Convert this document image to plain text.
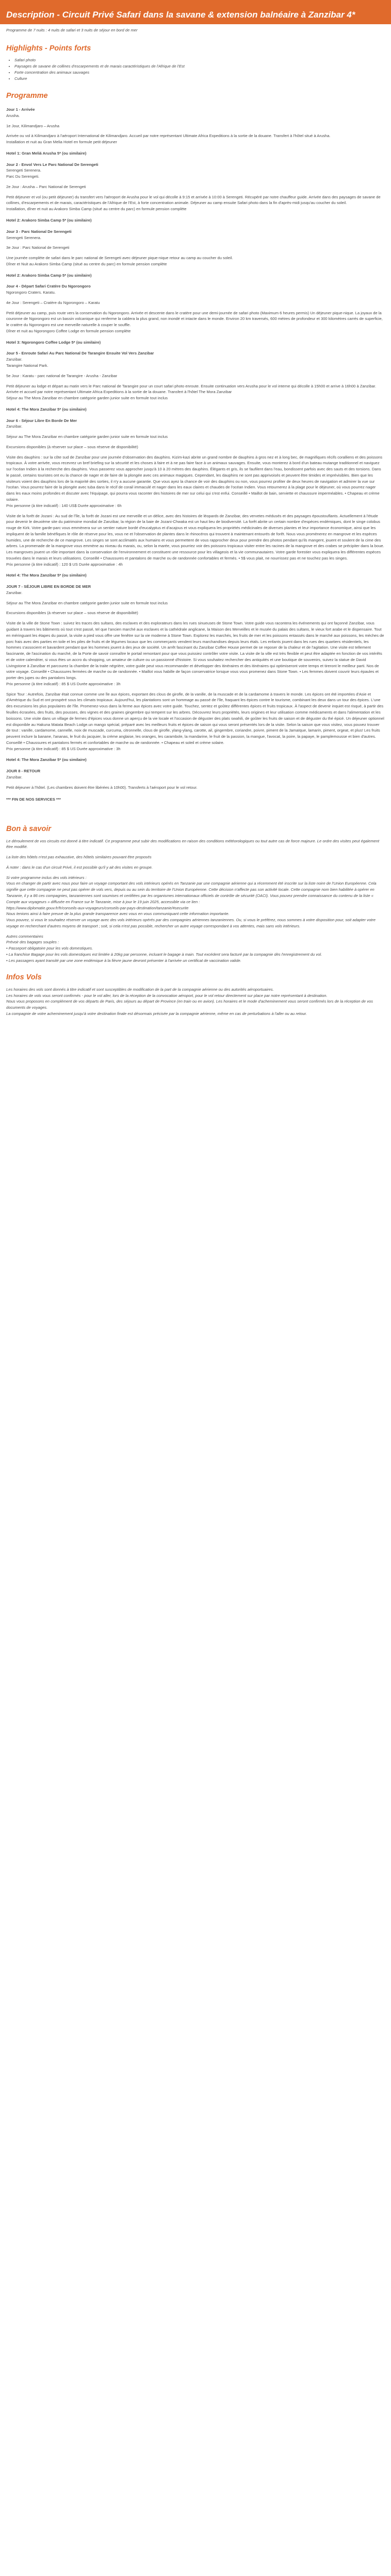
Description - Circuit Privé Safari dans la savane & extension balnéaire à Zanzibar 4*
Programme de 7 nuits : 4 nuits de safari et 3 nuits de séjour en bord de mer
Highlights - Points forts
• Safari photo
• Paysages de savane de collines d'escarpements et de marais caractéristiques de l'Afrique de l'Est
• Forte concentration des animaux sauvages
• Culture
Programme
Jour 1 - Arrivée
Arusha.
1e Jour, Kilimandjaro – Arusha
Arrivée ou vol à Kilimandjaro à l'aéroport International de Kilimandjaro. Accueil par notre représentant Ultimate Africa Expeditions à la sortie de la douane. Transfert à l'hôtel situé à Arusha.
Installation et nuit au Gran Melia Hotel en formule petit déjeuner
Hotel 1: Gran Meliá Arusha 5* (ou similaire)
Jour 2 - Envol Vers Le Parc National De Serengeti
Serengeti Serenera.
Parc Du Serengeti.
2e Jour : Arusha – Parc National de Serengeti
Petit déjeuner et vol (ou petit déjeuner) du transfert vers l'aéroport de Arusha pour le vol qui décolle à 9:15 et arrivée à 10:00 à Serengeti. Récupéré par notre chauffeur guide. Arrivée dans des paysages de savane de collines, d'escarpements et de marais, caractéristiques de l'Afrique de l'Est, à forte concentration animale. Déjeuner au camp ensuite Safari photo dans la fin d'après-midi jusqu'au coucher du soleil.
Installation, dîner et nuit au Arakoro Simba Camp (situé au centre du parc) en formule pension complète
Hotel 2: Arakoro Simba Camp 5* (ou similaire)
Jour 3 - Parc National De Serengeti
Serengeti Serenera.
3e Jour : Parc National de Serengeti
Une journée complète de safari dans le parc national de Serengeti avec déjeuner pique-nique retour au camp au coucher du soleil.
Dîner et Nuit au Arakoro Simba Camp (situé au centre du parc) en formule pension complète
Hotel 2: Arakoro Simba Camp 5* (ou similaire)
Jour 4 - Départ Safari Cratère Du Ngorongoro
Ngorongoro Craters. Karatu.
4e Jour : Serengeti – Cratère du Ngorongoro – Karatu
Petit déjeuner au camp, puis route vers la conservation du Ngorongoro. Arrivée et descente dans le cratère pour une demi-journée de safari photo (Maximum 6 heures permis) Un déjeuner pique-nique. La joyaux de la couronne de Ngorongoro est un bassin volcanique qui renferme la caldera la plus grand, non inondé et intacte dans le monde. Environ 20 km traversés, 600 mètres de profondeur et 300 kilomètres carrés de superficie, le cratère du Ngorongoro est une merveille naturelle à couper le souffle.
Dîner et nuit au Ngorongoro Coffee Lodge en formule pension complète
Hotel 3: Ngorongoro Coffee Lodge 5* (ou similaire)
Jour 5 - Enroute Safari Au Parc National De Tarangire Ensuite Vol Vers Zanzibar
Zanzibar.
Tarangire National Park.
5e Jour : Karatu - parc national de Tarangire - Arusha - Zanzibar
Petit déjeuner au lodge et départ au matin vers le Parc national de Tarangire pour un court safari photo enroute. Ensuite continuation vers Arusha pour le vol interne qui décolle à 15h00 et arrive à 16h00 à Zanzibar. Arrivée et accueil par notre représentant Ultimate Africa Expeditions à la sortie de la douane. Transfert à l'hôtel The Mora Zanzibar
Séjour au The Mora Zanzibar en chambre catégorie garden junior suite en formule tout inclus
Hotel 4: The Mora Zanzibar 5* (ou similaire)
Jour 6 - Séjour Libre En Borde De Mer
Zanzibar.
Séjour au The Mora Zanzibar en chambre catégorie garden junior suite en formule tout inclus
Excursions disponibles (à réserver sur place – sous réserve de disponibilité)
Visite des dauphins : sur la côte sud de Zanzibar pour une journée d'observation des dauphins. Kizim-kazi abrite un grand nombre de dauphins à gros nez et à long bec, de magnifiques récifs coralliens et des poissons tropicaux. À votre arrivée, vous recevrez un bref briefing sur la sécurité et les choses à faire et à ne pas faire face à un animaux sauvages. Ensuite, vous monterez à bord d'un bateau mutange traditionnel et naviguez sur l'océan Indien à la recherche des dauphins. Vous passerez vous approcher jusqu'à 10 à 20 mètres des dauphins. Élégants et gris, ils se faufilent dans l'eau, bondissent parfois avec des sauts et des torsions. Dans le passé, certains touristes ont eu la chance de nager et de faire de la plongée avec ces animaux magiques. Cependant, les dauphins ne sont pas apprivoisés et peuvent être timides et imprévisibles. Bien que les visiteurs voient des dauphins lors de la majorité des sorties, il n'y a aucune garantie. Que vous ayez la chance de voir des dauphins ou non, vous pourrez profiter de deux heures de navigation et admirer la vue sur l'océan. Vous pourrez faire de la plongée avec tuba dans le récif de corail immaculé et nager dans les eaux claires et chaudes de l'océan Indien. Vous retournerez à la plage pour le déjeuner, où vous pourrez nager dans les eaux moins profondes et discuter avec l'équipage, qui pourra vous raconter des histoires de mer sur celui qui s'est enfui. Conseillé • Maillot de bain, serviette et chaussure imperméables. • Chapeau et crème solaire.
Prix personne (à titre indicatif) : 140 US$ Durée approximative : 6h
Visite de la forêt de Jozani : Au sud de l'île, la forêt de Jozani est une merveille et un délice, avec des histoires de léopards de Zanzibar, des vervetes médusés et des paysages époustouflants. Actuellement à l'étude pour devenir le deuxième site du patrimoine mondial de Zanzibar, la région de la baie de Jozani-Chwaka est un haut lieu de biodiversité. La forêt abrite un certain nombre d'espèces endémiques, dont le singe colobus rouge de Kirk. Votre garde-parc vous emmènera sur un sentier nature bordé d'eucalyptus et d'acajous et vous expliquera les propriétés médicinales de diverses plantes et leur importance économique, ainsi que les impliquent de la famille bénéfiques le rôle de réserve pour les, vous ne et l'observation de plantes dans le rhinocéros qui trouvent à maintenant entourés de forêt. Nous vous promènerez en mangrove et les espèces humides, une de recherche de ce mangrove. Les singes se sont acclimatés aux humains et vous permettent de vous rapprocher deux pour prendre des photos pendant qu'ils mangent, jouent et soulent de la cime des arbres. La promenade de la mangrove vous emmène au niveau du marais, ou, selon la marée, vous pourriez voir des poissons tropicaux visiter entre les racines de la mangrove et des crabes se précipiter dans la boue. Les mangroves jouent un rôle important dans la conservation de l'environnement et constituent une ressource pour les villageois et la vie communautaires. Votre garde forestier vous expliquera les différentes espèces trouvées dans le marais et leurs utilisations. Conseillé • Chaussures et pantalons de marche ou de randonnée confortables et fermés. • 5$ vous plait, ne nourrissez pas et ne touchez pas les singes.
Prix personne (à titre indicatif) : 120 $ US Durée approximative : 4h
Hotel 4: The Mora Zanzibar 5* (ou similaire)
JOUR 7 - SÉJOUR LIBRE EN BORDE DE MER
Zanzibar.
Séjour au The Mora Zanzibar en chambre catégorie garden junior suite en formule tout inclus
Excursions disponibles (à réserver sur place – sous réserve de disponibilité)
Visite de la ville de Stone Town : suivez les traces des sultans, des esclaves et des explorateurs dans les rues sinueuses de Stone Town. Votre guide vous racontera les événements qui ont façonné Zanzibar, vous guidant à travers les bâtiments où tout s'est passé, tel que l'ancien marché aux esclaves et la cathédrale anglicane, la Maison des Merveilles et le musée du palais des sultans, le vieux fort arabe et le dispensaire. Tout en méringuant les étapes du passé, la visite a pied vous offre une fenêtre sur la vie moderne à Stone Town. Explorez les marchés, les fruits de mer et les poissons entassés dans le marché aux poissons, les mèches de porc frais avec des parties en toile et les piles de fruits et de légumes locaux que les commerçants vendent leurs marchandises depuis leurs étals. Les enfants jouent dans les rues des quartiers résidentiels, les hommes s'associent et bavardent pendant que les hommes jouent à des jeux de société. Un arrêt fascinant du Zanzibar Coffee House permet de se reposer de la chaleur et de l'agitation. Une visite est tellement fascinante, de l'ascination du marché, de la Porte de savoir connaître le portail remontant pour que vous puissiez contrôler votre visite. La visite de la ville est très flexible et peut être adaptée en fonction de vos intérêts et de votre calendrier, si vous êtes un accro du shopping, un amateur de culture ou un passionné d'histoire. Si vous souhaitez rechercher des antiquités et une boutique de souvenirs, suivez la statue de David Livingstone à Zanzibar et parcourez la chambre de la traite négrière, votre guide peut vous recommander et développer des itinéraires et des itinéraires qui optimiseront votre temps et tireront le meilleur parti. Nos de votre voyage. Conseillé • Chaussures fermées de marche ou de randonnée. • Maillot vous habille de façon conservatrice lorsque vous vous promenez dans Stone Town. • Les femmes doivent couvrir leurs épaules et porter des jupes ou des pantalons longs.
Prix personne (à titre indicatif) : 85 $ US Durée approximative : 3h
Spice Tour : Autrefois, Zanzibar était connue comme une île aux épices, exportant des clous de girofle, de la vanille, de la muscade et de la cardamome à travers le monde. Les épices ont été importées d'Asie et d'Amérique du Sud et ont prospéré sous les climats tropicaux. Aujourd'hui, les plantations sont un hommage au passé de l'île, fraquant les épices contre le tourisme, combinant les deux dans un tour des épices. L'une des excursions les plus populaires de l'île. Promenez-vous dans la ferme aux épices avec votre guide. Touchez, sentez et goûtez différentes épices et fruits tropicaux. À l'aspect de devenir inquiet est risqué, à partir des feuilles écrasées, des fruits, des pousses, des vignes et des graines gingembre qui tempent sur les arbres. Découvrez leurs propriétés, leurs origines et leur utilisation comme médicaments et dans l'alimentation et les boissons. Une visite dans un village de fermes d'épices vous donne un aperçu de la vie locale et l'occasion de déguster des plats swahili, de goûter les fruits de saison et de déguster du thé épicé. Un déjeuner optionnel est disponible au Hakuna Matata Beach Lodge.un mango spécial, préparé avec les meilleurs fruits et épices de saison qui vous seront présentés lors de la visite. Selon la saison que vous visitez, vous pouvez trouver de tout : vanille, cardamome, cannelle, noix de muscade, curcuma, citronnelle, clous de girofle, ylang-ylang, carotte, ail, gingembre, coriandre, poivre, piment de la Jamaïque, lamarin, piment, orgeat, et plus! Les fruits peuvent inclure la banane, l'ananas, le fruit du jacquier, la crème anglaise, les oranges, les carambole, la mandarine, le fruit de la passion, la mangue, l'avocat, la poire, la papaye, le pamplemousse et bien d'autres. Conseillé • Chaussures et pantalons fermés et confortables de marche ou de randonnée. • Chapeau et soleil et crème solaire.
Prix personne (à titre indicatif) : 85 $ US Durée approximative : 3h
Hotel 4: The Mora Zanzibar 5* (ou similaire)
JOUR 8 - RETOUR
Zanzibar.
Petit déjeuner à l'hôtel. (Les chambres doivent être libérées à 10h00). Transferts à l'aéroport pour le vol retour.
*** FIN DE NOS SERVICES ***
Bon à savoir

Le déroulement de vos circuits est donné à titre indicatif. Ce programme peut subir des modifications en raison des conditions météorologiques ou tout autre cas de force majeure. Le ordre des visites peut également être modifié.

La liste des hôtels n'est pas exhaustive, des hôtels similaires pouvant être proposés

À noter : dans le cas d'un circuit Privé, il est possible qu'il y ait des visites en groupe.

Si votre programme inclus des vols intérieurs :
Vous en changer de partir avec nous pour faire un voyage comportant des vols intérieurs opérés en Tanzanie par une compagnie aérienne qui a récemment été inscrite sur la liste noire de l'Union Européenne. Cela signifie que cette compagnie ne peut pas opérer de vols vers, depuis ou au sein du territoire de l'Union Européenne. Cette décision n'affecte pas son activité locale. Cette compagnie nom bien habilitée à opérer en Tanzanie, il y a 86 ces compagnies, tanzaniennes sont soumises et certifiées par les organismes internationaux officiels de contrôle de sécurité (OACI). Vous pouvez prendre connaissance du contenu de la liste « Compte aux voyageurs » diffusée en France sur le Tanzanie, mise à jour le 19 juin 2025, accessible via ce lien :
https://www.diplomatie.gouv.fr/fr/conseils-aux-voyageurs/conseils-par-pays-destination/tanzanie/#securite
Nous tenions ainsi à faire preuve de la plus grande transparence avec vous en vous communiquant cette information importante.
Vous pouvez, si vous le souhaitez réserver un voyage avec des vols intérieurs opérés par des compagnies aériennes tanzaniennes. Ou, si vous le préférez, nous sommes à votre disposition pour, soit adapter votre voyage en recherchant d'autres moyens de transport ; soit, si cela n'est pas possible, rechercher un autre voyage correspondant à vos attentes, mais sans vols intérieurs.

Autres commentaires
Prévoir des bagages souples :
• Passeport obligatoire pour les vols domestiques.
• La franchise Bagage pour les vols domestiques est limitée à 20kg par personne, incluant le bagage à main. Tout excédent sera facturé par la compagnie dès l'enregistrement du vol.
• Les passagers ayant transité par une zone endémique à la fièvre jaune devront présenter à l'arrivée un certificat de vaccination valide.

Infos Vols

Les horaires des vols sont donnés à titre indicatif et sont susceptibles de modification de la part de la compagnie aérienne ou des autorités aéroportuaires.
Les horaires de vols vous seront confirmés - pour le vol aller, lors de la réception de la convocation aéroport, pour le vol retour directement sur place par notre représentant à destination.
Nous vous proposons en complément de vos départs de Paris, des séjours au départ de Province (en train ou en avion). Les horaires et le mode d'acheminement vous seront confirmés lors de la réception de vos documents de voyages.
La compagnie de votre acheminement jusqu'à votre destination finale est désormais précisée par la compagnie aérienne, même en cas de perturbations à l'aller ou au retour.
